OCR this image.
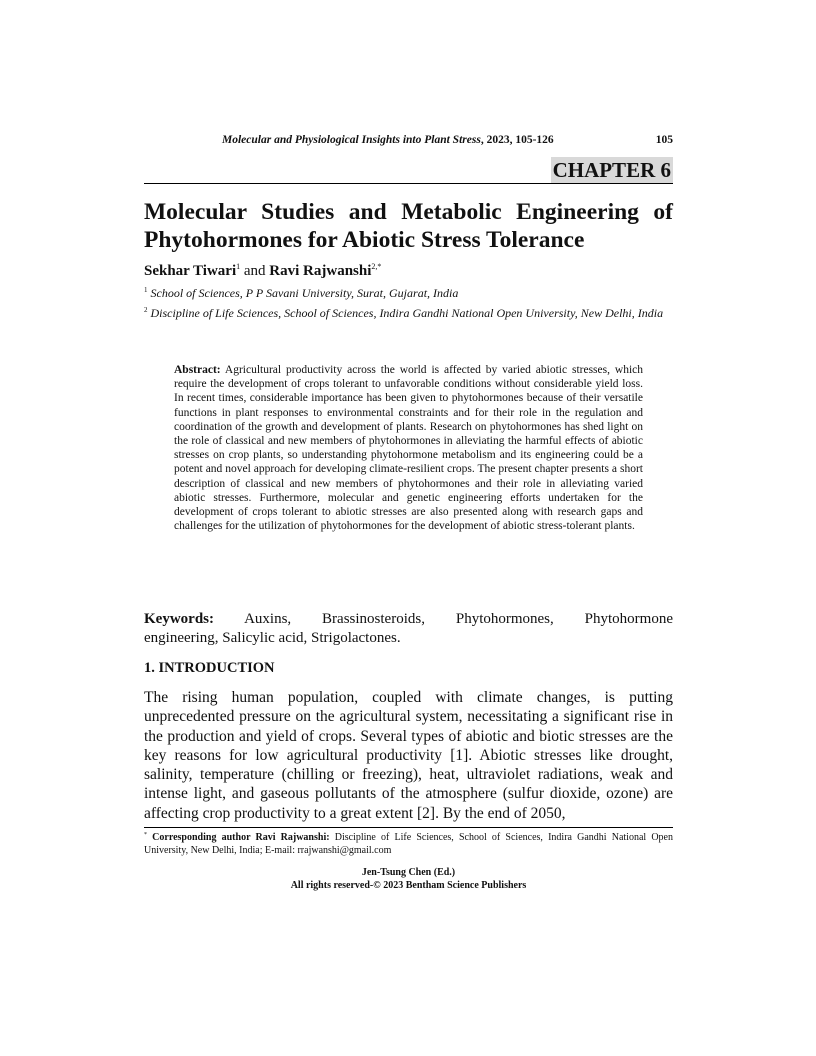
Molecular and Physiological Insights into Plant Stress, 2023, 105-126	105
CHAPTER 6
Molecular Studies and Metabolic Engineering of
Phytohormones for Abiotic Stress Tolerance
Sekhar Tiwari$^1$ and Ravi Rajwanshi$^{2,*}$
$^1$ School of Sciences, P P Savani University, Surat, Gujarat, India
$^2$ Discipline of Life Sciences, School of Sciences, Indira Gandhi National Open University, New Delhi, India
Abstract: Agricultural productivity across the world is affected by varied abiotic stresses, which require the development of crops tolerant to unfavorable conditions without considerable yield loss. In recent times, considerable importance has been given to phytohormones because of their versatile functions in plant responses to environmental constraints and for their role in the regulation and coordination of the growth and development of plants. Research on phytohormones has shed light on the role of classical and new members of phytohormones in alleviating the harmful effects of abiotic stresses on crop plants, so understanding phytohormone metabolism and its engineering could be a potent and novel approach for developing climate-resilient crops. The present chapter presents a short description of classical and new members of phytohormones and their role in alleviating varied abiotic stresses. Furthermore, molecular and genetic engineering efforts undertaken for the development of crops tolerant to abiotic stresses are also presented along with research gaps and challenges for the utilization of phytohormones for the development of abiotic stress-tolerant plants.
Keywords: Auxins, Brassinosteroids, Phytohormones, Phytohormone
engineering, Salicylic acid, Strigolactones.
1. INTRODUCTION
The rising human population, coupled with climate changes, is putting unprecedented pressure on the agricultural system, necessitating a significant rise in the production and yield of crops. Several types of abiotic and biotic stresses are the key reasons for low agricultural productivity [1]. Abiotic stresses like drought, salinity, temperature (chilling or freezing), heat, ultraviolet radiations, weak and intense light, and gaseous pollutants of the atmosphere (sulfur dioxide, ozone) are affecting crop productivity to a great extent [2]. By the end of 2050,
* Corresponding author Ravi Rajwanshi: Discipline of Life Sciences, School of Sciences, Indira Gandhi National Open University, New Delhi, India; E-mail: rrajwanshi@gmail.com
Jen-Tsung Chen (Ed.)
All rights reserved-© 2023 Bentham Science Publishers
